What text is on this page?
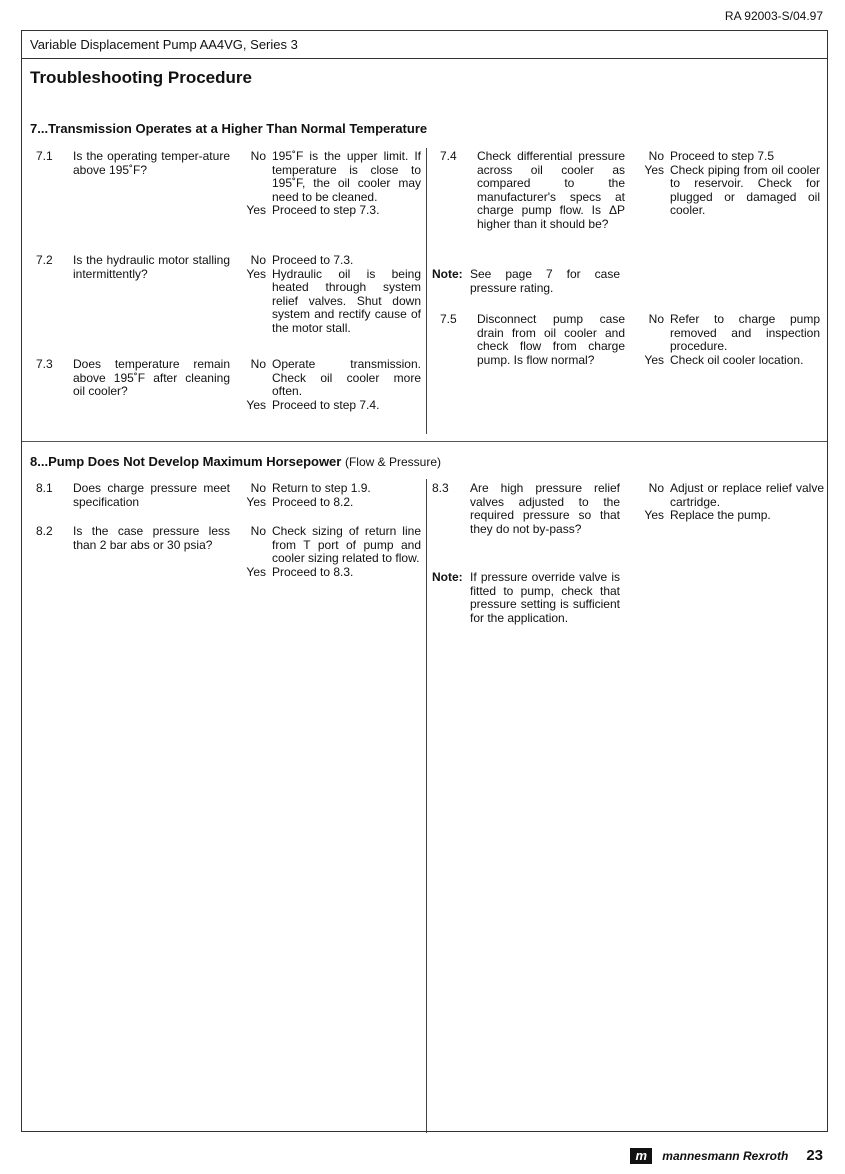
RA 92003-S/04.97
Variable Displacement Pump AA4VG, Series 3
Troubleshooting Procedure
7...Transmission Operates at a Higher Than Normal Temperature
7.1 Is the operating temper-ature above 195˚F?
No 195˚F is the upper limit. If temperature is close to 195˚F, the oil cooler may need to be cleaned.
Yes Proceed to step 7.3.
7.2 Is the hydraulic motor stalling intermittently?
No Proceed to 7.3.
Yes Hydraulic oil is being heated through system relief valves. Shut down system and rectify cause of the motor stall.
7.3 Does temperature remain above 195˚F after cleaning oil cooler?
No Operate transmission. Check oil cooler more often.
Yes Proceed to step 7.4.
7.4 Check differential pressure across oil cooler as compared to the manufacturer's specs at charge pump flow. Is ΔP higher than it should be?
No Proceed to step 7.5
Yes Check piping from oil cooler to reservoir. Check for plugged or damaged oil cooler.
Note: See page 7 for case pressure rating.
7.5 Disconnect pump case drain from oil cooler and check flow from charge pump. Is flow normal?
No Refer to charge pump removed and inspection procedure.
Yes Check oil cooler location.
8...Pump Does Not Develop Maximum Horsepower (Flow & Pressure)
8.1 Does charge pressure meet specification
No Return to step 1.9.
Yes Proceed to 8.2.
8.2 Is the case pressure less than 2 bar abs or 30 psia?
No Check sizing of return line from T port of pump and cooler sizing related to flow.
Yes Proceed to 8.3.
8.3 Are high pressure relief valves adjusted to the required pressure so that they do not by-pass?
No Adjust or replace relief valve cartridge.
Yes Replace the pump.
Note: If pressure override valve is fitted to pump, check that pressure setting is sufficient for the application.
m	mannesmann Rexroth 23
